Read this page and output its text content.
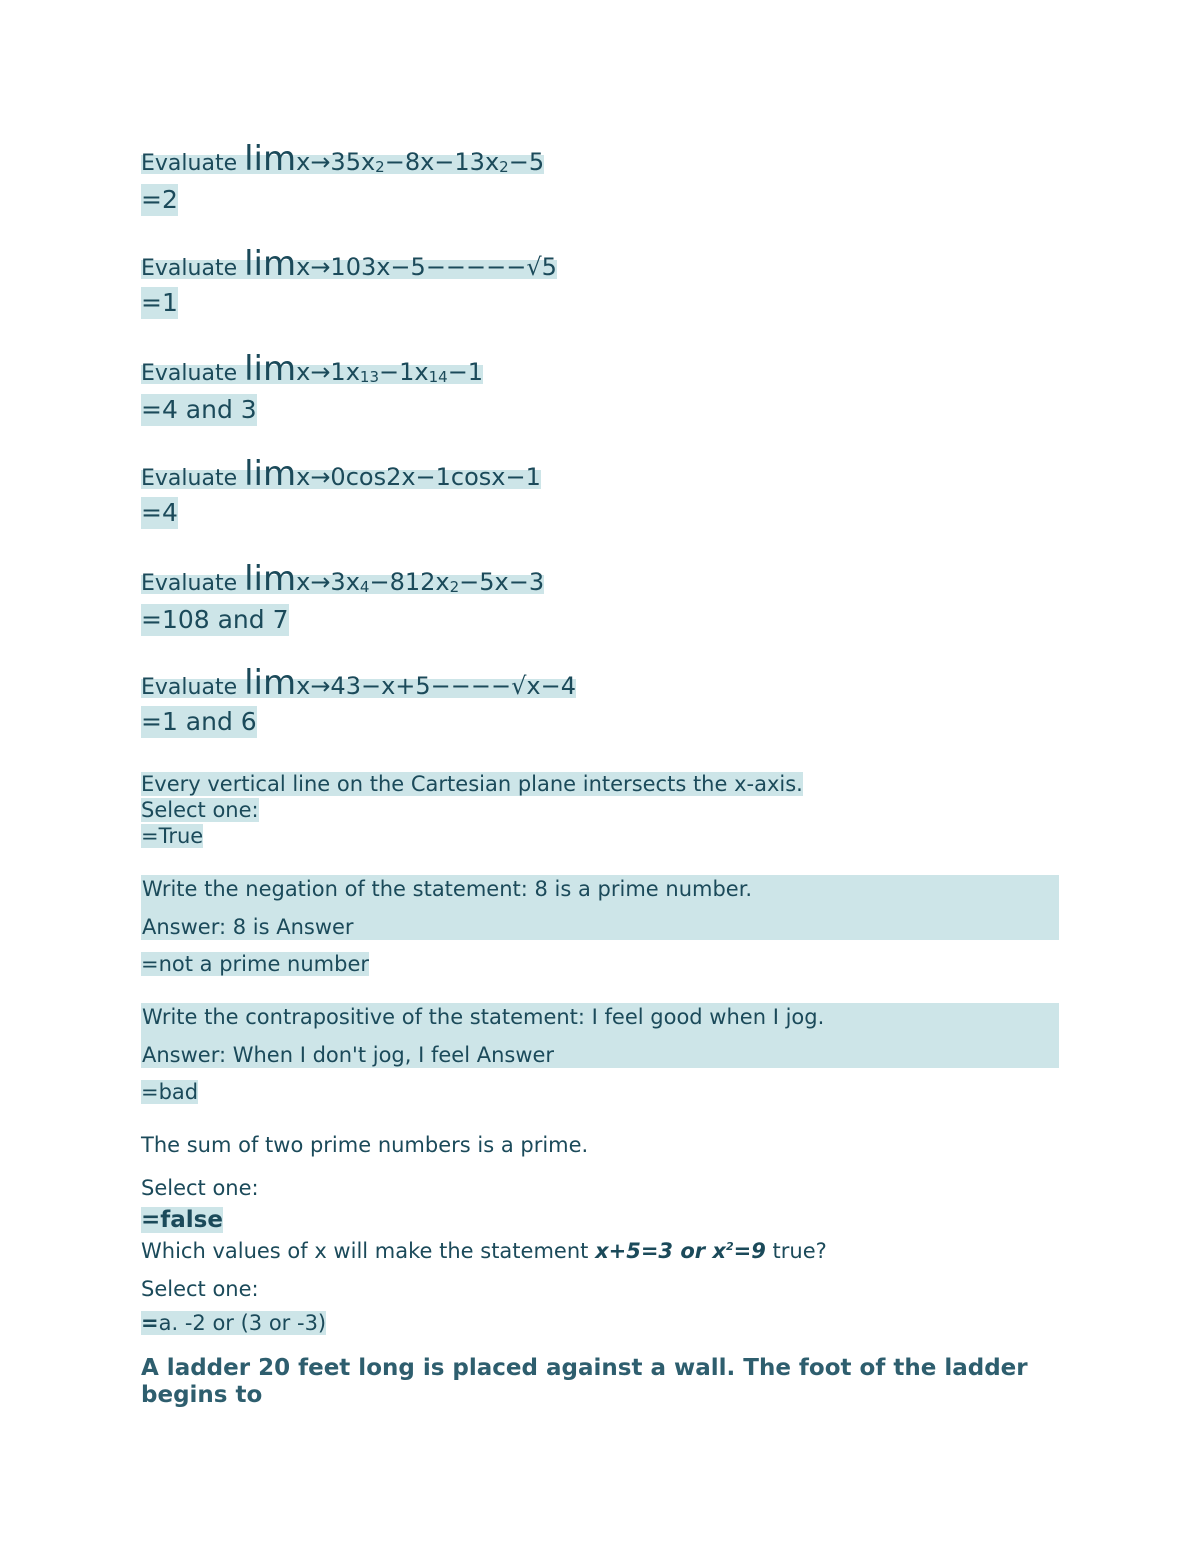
Evaluate $\lim x\to 35x_2-8x-13x_2-5$
=2
Evaluate limx→103x−5−−−−−√5
=1
Evaluate $\lim x\to 1x_{13}-1x_{14}-1$
=4 and 3
Evaluate limx→0cos2x−1cosx−1
=4
Evaluate $\lim x\to 3x_4-812x_2-5x-3$
=108 and 7
Evaluate limx→43−x+5−−−−√x−4
=1 and 6
Every vertical line on the Cartesian plane intersects the x-axis.
Select one:
=True
Write the negation of the statement: 8 is a prime number.
Answer: 8 is Answer
=not a prime number
Write the contrapositive of the statement: I feel good when I jog.
Answer: When I don't jog, I feel Answer
=bad
The sum of two prime numbers is a prime.
Select one:
=false
Which values of x will make the statement x+5=3 or $x^2=9$ true?
Select one:
=a. -2 or (3 or -3)
A ladder 20 feet long is placed against a wall. The foot of the ladder begins to
